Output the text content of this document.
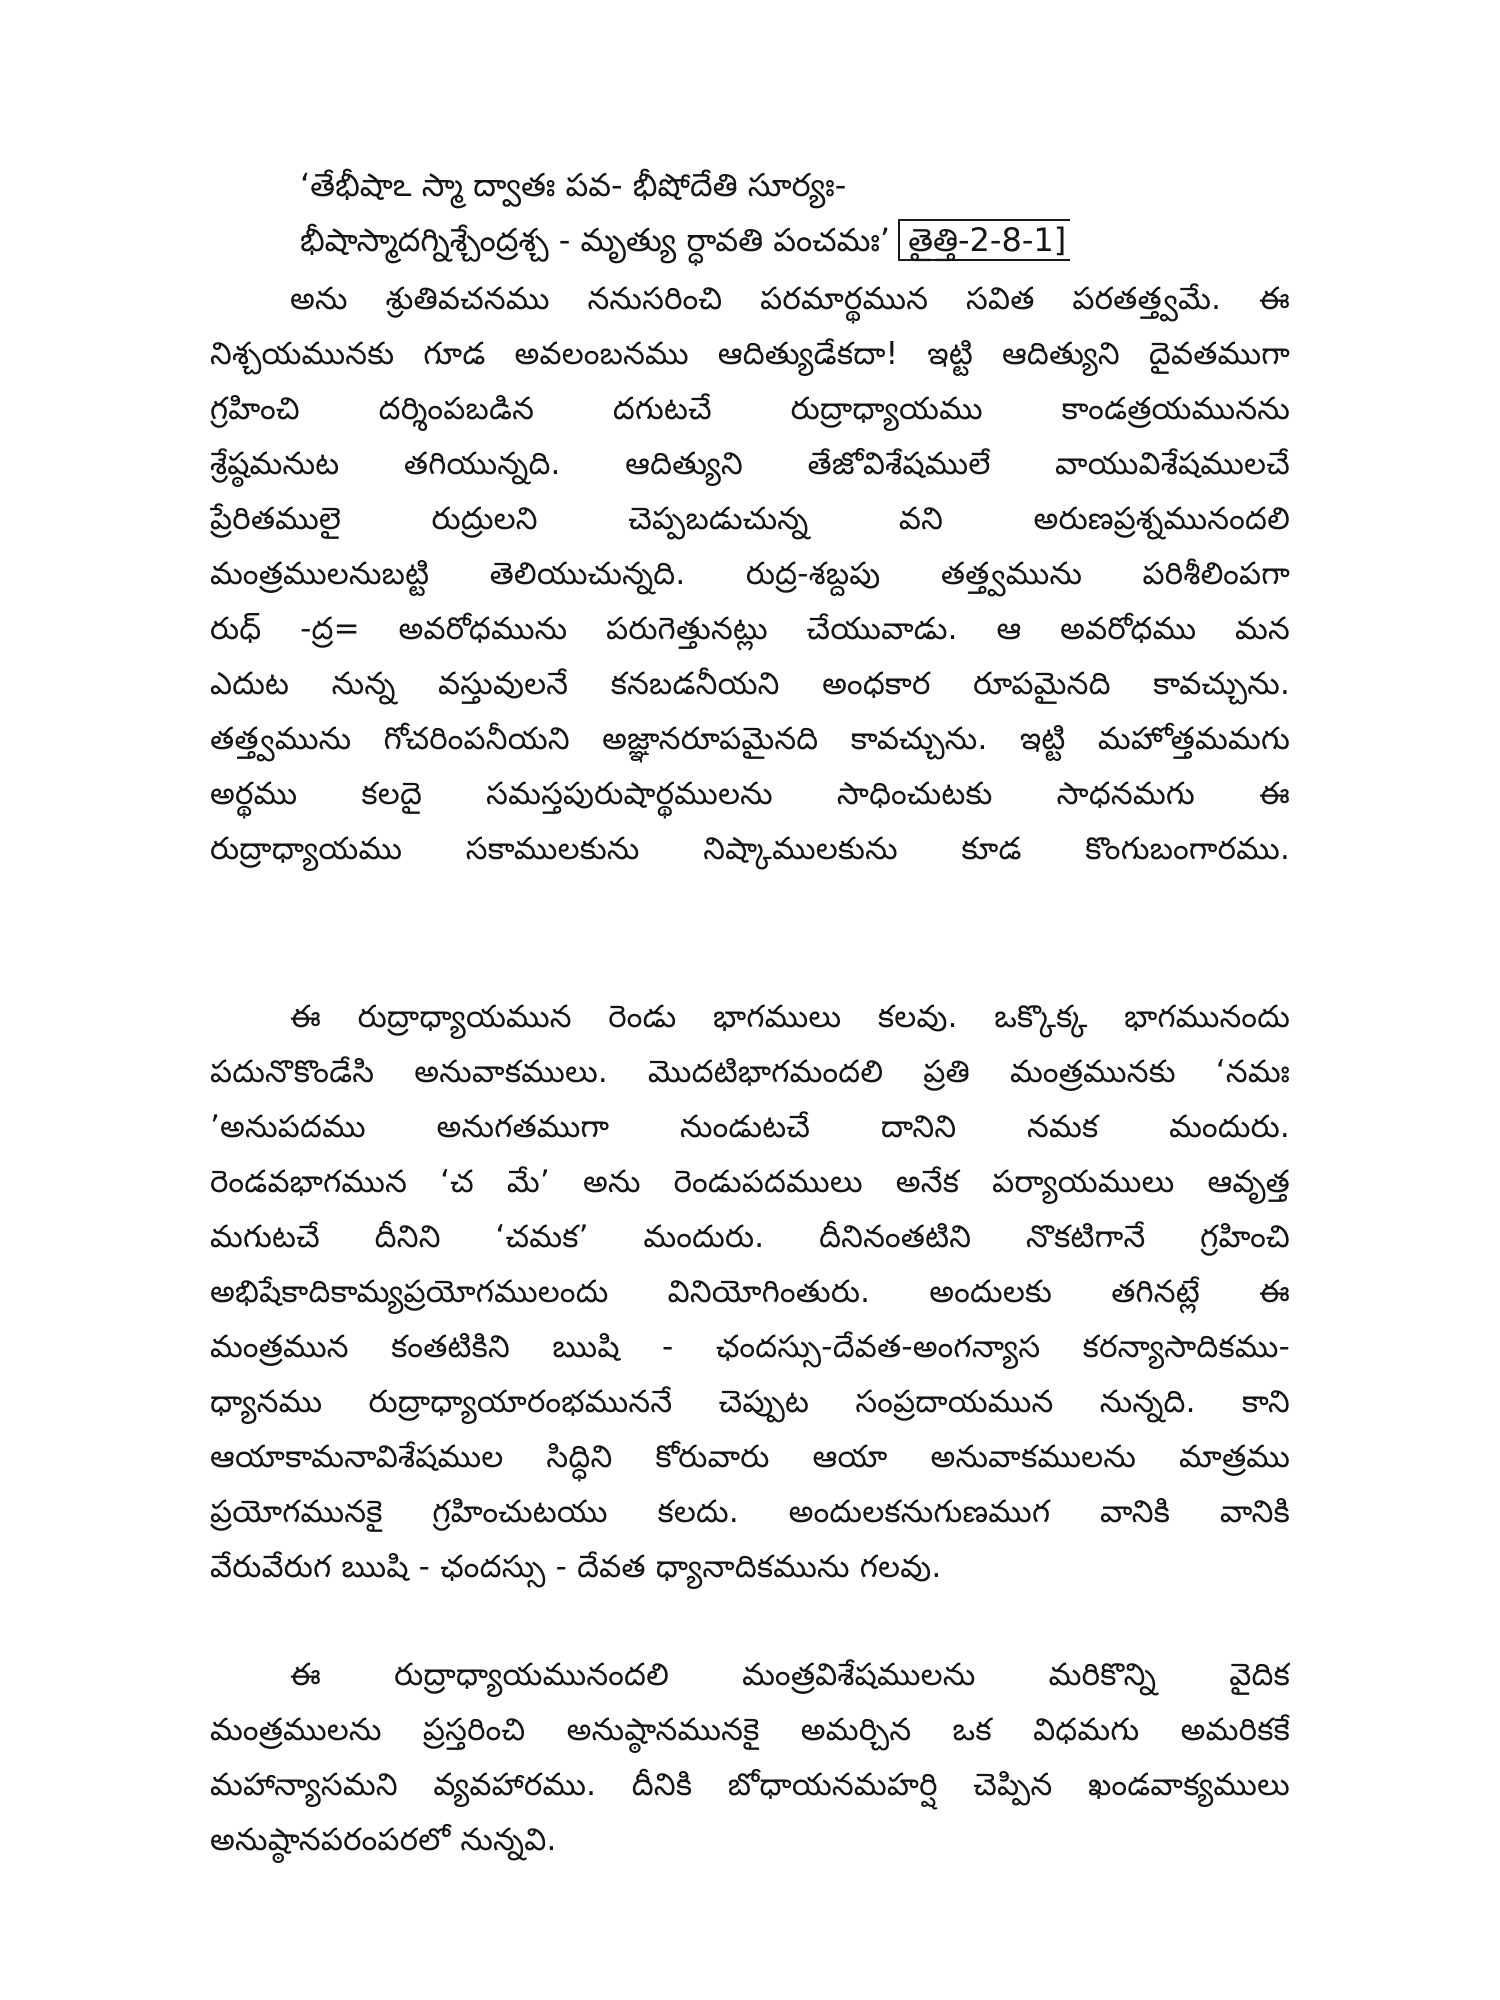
‘తేభీషాఽ స్మా ద్వాతః పవ- భీషోదేతి సూర్యః-
భీషాస్మాదగ్నిశ్చేంద్రశ్చ - మృత్యు ర్ధావతి పంచమః’ తైత్తి-2-8-1]
అను శ్రుతివచనము ననుసరించి పరమార్థమున సవిత పరతత్త్వమే. ఈ
నిశ్చయమునకు గూడ అవలంబనము ఆదిత్యుడేకదా! ఇట్టి ఆదిత్యుని దైవతముగా
గ్రహించి దర్శింపబడిన దగుటచే రుద్రాధ్యాయము కాండత్రయమునను
శ్రేష్ఠమనుట తగియున్నది. ఆదిత్యుని తేజోవిశేషములే వాయువిశేషములచే
ప్రేరితములై రుద్రులని చెప్పబడుచున్న వని అరుణప్రశ్నమునందలి
మంత్రములనుబట్టి తెలియుచున్నది. రుద్ర-శబ్దపు తత్త్వమును పరిశీలింపగా
రుధ్ -ద్ర= అవరోధమును పరుగెత్తునట్లు చేయువాడు. ఆ అవరోధము మన
ఎదుట నున్న వస్తువులనే కనబడనీయని అంధకార రూపమైనది కావచ్చును.
తత్త్వమును గోచరింపనీయని అజ్ఞానరూపమైనది కావచ్చును. ఇట్టి మహోత్తమమగు
అర్థము కలదై సమస్తపురుషార్థములను సాధించుటకు సాధనమగు ఈ
రుద్రాధ్యాయము సకాములకును నిష్కాములకును కూడ కొంగుబంగారము.
ఈ రుద్రాధ్యాయమున రెండు భాగములు కలవు. ఒక్కొక్క భాగమునందు
పదునొకొండేసి అనువాకములు. మొదటిభాగమందలి ప్రతి మంత్రమునకు ‘నమః
’అనుపదము అనుగతముగా నుండుటచే దానిని నమక మందురు.
రెండవభాగమున ‘చ మే’ అను రెండుపదములు అనేక పర్యాయములు ఆవృత్త
మగుటచే దీనిని ‘చమక’ మందురు. దీనినంతటిని నొకటిగానే గ్రహించి
అభిషేకాదికామ్యప్రయోగములందు వినియోగింతురు. అందులకు తగినట్లే ఈ
మంత్రమున కంతటికిని ఋషి - ఛందస్సు-దేవత-అంగన్యాస కరన్యాసాదికము-
ధ్యానము రుద్రాధ్యాయారంభముననే చెప్పుట సంప్రదాయమున నున్నది. కాని
ఆయాకామనావిశేషముల సిద్ధిని కోరువారు ఆయా అనువాకములను మాత్రము
ప్రయోగమునకై గ్రహించుటయు కలదు. అందులకనుగుణముగ వానికి వానికి
వేరువేరుగ ఋషి - ఛందస్సు - దేవత ధ్యానాదికమును గలవు.
ఈ రుద్రాధ్యాయమునందలి మంత్రవిశేషములను మరికొన్ని వైదిక
మంత్రములను ప్రస్తరించి అనుష్ఠానమునకై అమర్చిన ఒక విధమగు అమరికకే
మహాన్యాసమని వ్యవహారము. దీనికి బోధాయనమహర్షి చెప్పిన ఖండవాక్యములు
అనుష్ఠానపరంపరలో నున్నవి.
